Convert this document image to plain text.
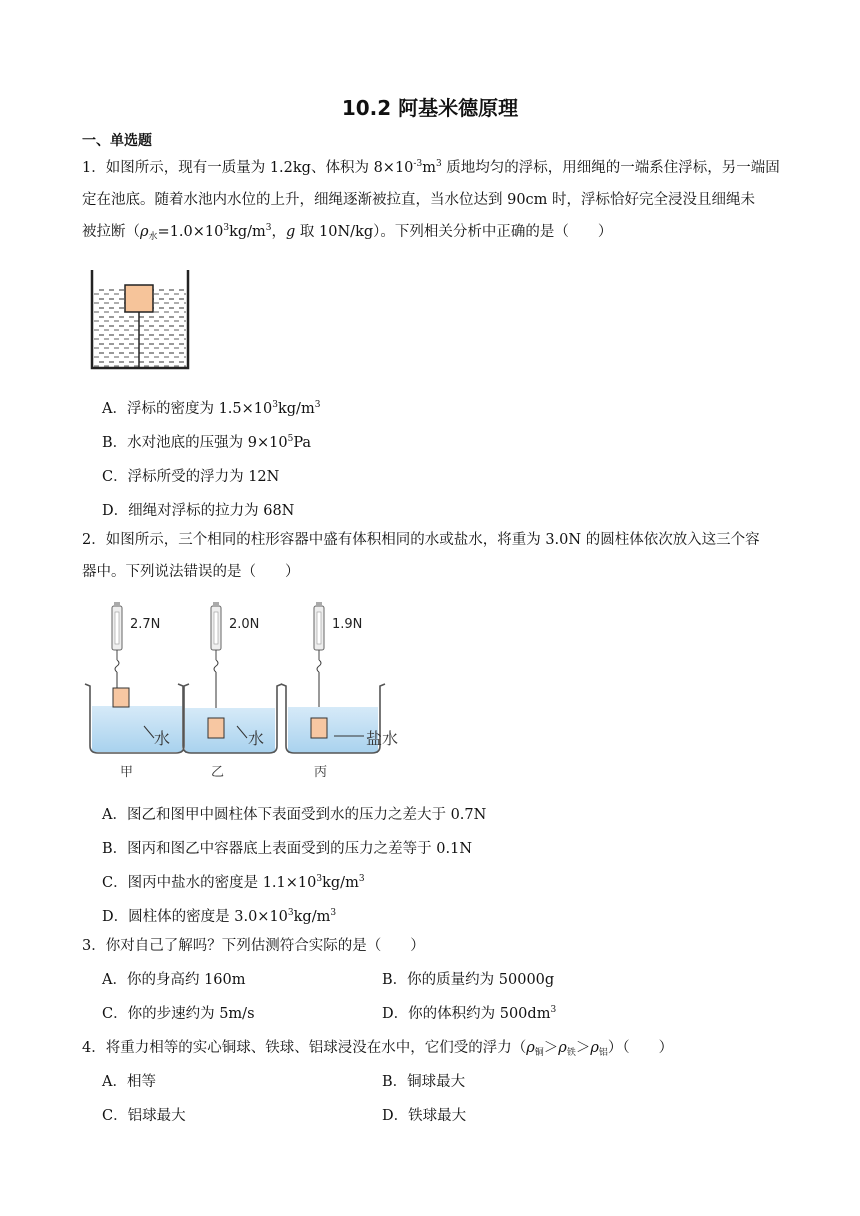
10.2 阿基米德原理
一、单选题
1．如图所示，现有一质量为 1.2kg、体积为 $8\times 10^{-3}m^3$ 质地均匀的浮标，用细绳的一端系住浮标，另一端固
定在池底。随着水池内水位的上升，细绳逐渐被拉直，当水位达到 90cm 时，浮标恰好完全浸没且细绳未
被拉断（$\rho_水=1.0\times 10^3kg/m^3$，g 取 10N/kg）。下列相关分析中正确的是（　　）
A．浮标的密度为 $1.5\times 10^3kg/m^3$
B．水对池底的压强为 $9\times 10^5Pa$
C．浮标所受的浮力为 12N
D．细绳对浮标的拉力为 68N
2．如图所示，三个相同的柱形容器中盛有体积相同的水或盐水，将重为 3.0N 的圆柱体依次放入这三个容
器中。下列说法错误的是（　　）
水
2.7N
甲
水
2.0N
乙
盐水
1.9N
丙
A．图乙和图甲中圆柱体下表面受到水的压力之差大于 0.7N
B．图丙和图乙中容器底上表面受到的压力之差等于 0.1N
C．图丙中盐水的密度是 $1.1\times 10^3kg/m^3$
D．圆柱体的密度是 $3.0\times 10^3kg/m^3$
3．你对自己了解吗？下列估测符合实际的是（　　）
A．你的身高约 160m	B．你的质量约为 50000g
C．你的步速约为 5m/s	D．你的体积约为 $500dm^3$
4．将重力相等的实心铜球、铁球、铝球浸没在水中，它们受的浮力$(\rho_铜>\rho_铁>\rho_铝)$（　　）
A．相等	B．铜球最大
C．铝球最大	D．铁球最大
